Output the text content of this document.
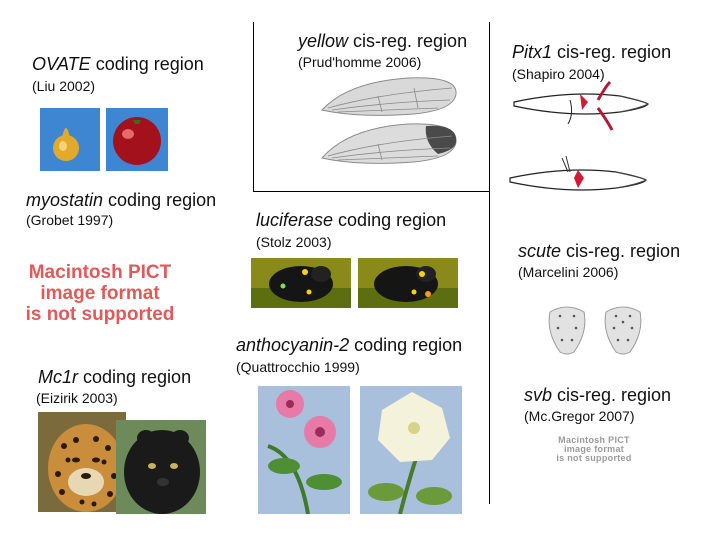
OVATE coding region
(Liu 2002)
myostatin coding region
(Grobet 1997)
Macintosh PICT
image format
is not supported
Mc1r coding region
(Eizirik 2003)
yellow cis-reg. region
(Prud'homme 2006)
luciferase coding region
(Stolz 2003)
anthocyanin-2 coding region
(Quattrocchio 1999)
Pitx1 cis-reg. region
(Shapiro 2004)
scute cis-reg. region
(Marcelini 2006)
svb cis-reg. region
(Mc.Gregor 2007)
Macintosh PICT
image format
is not supported
